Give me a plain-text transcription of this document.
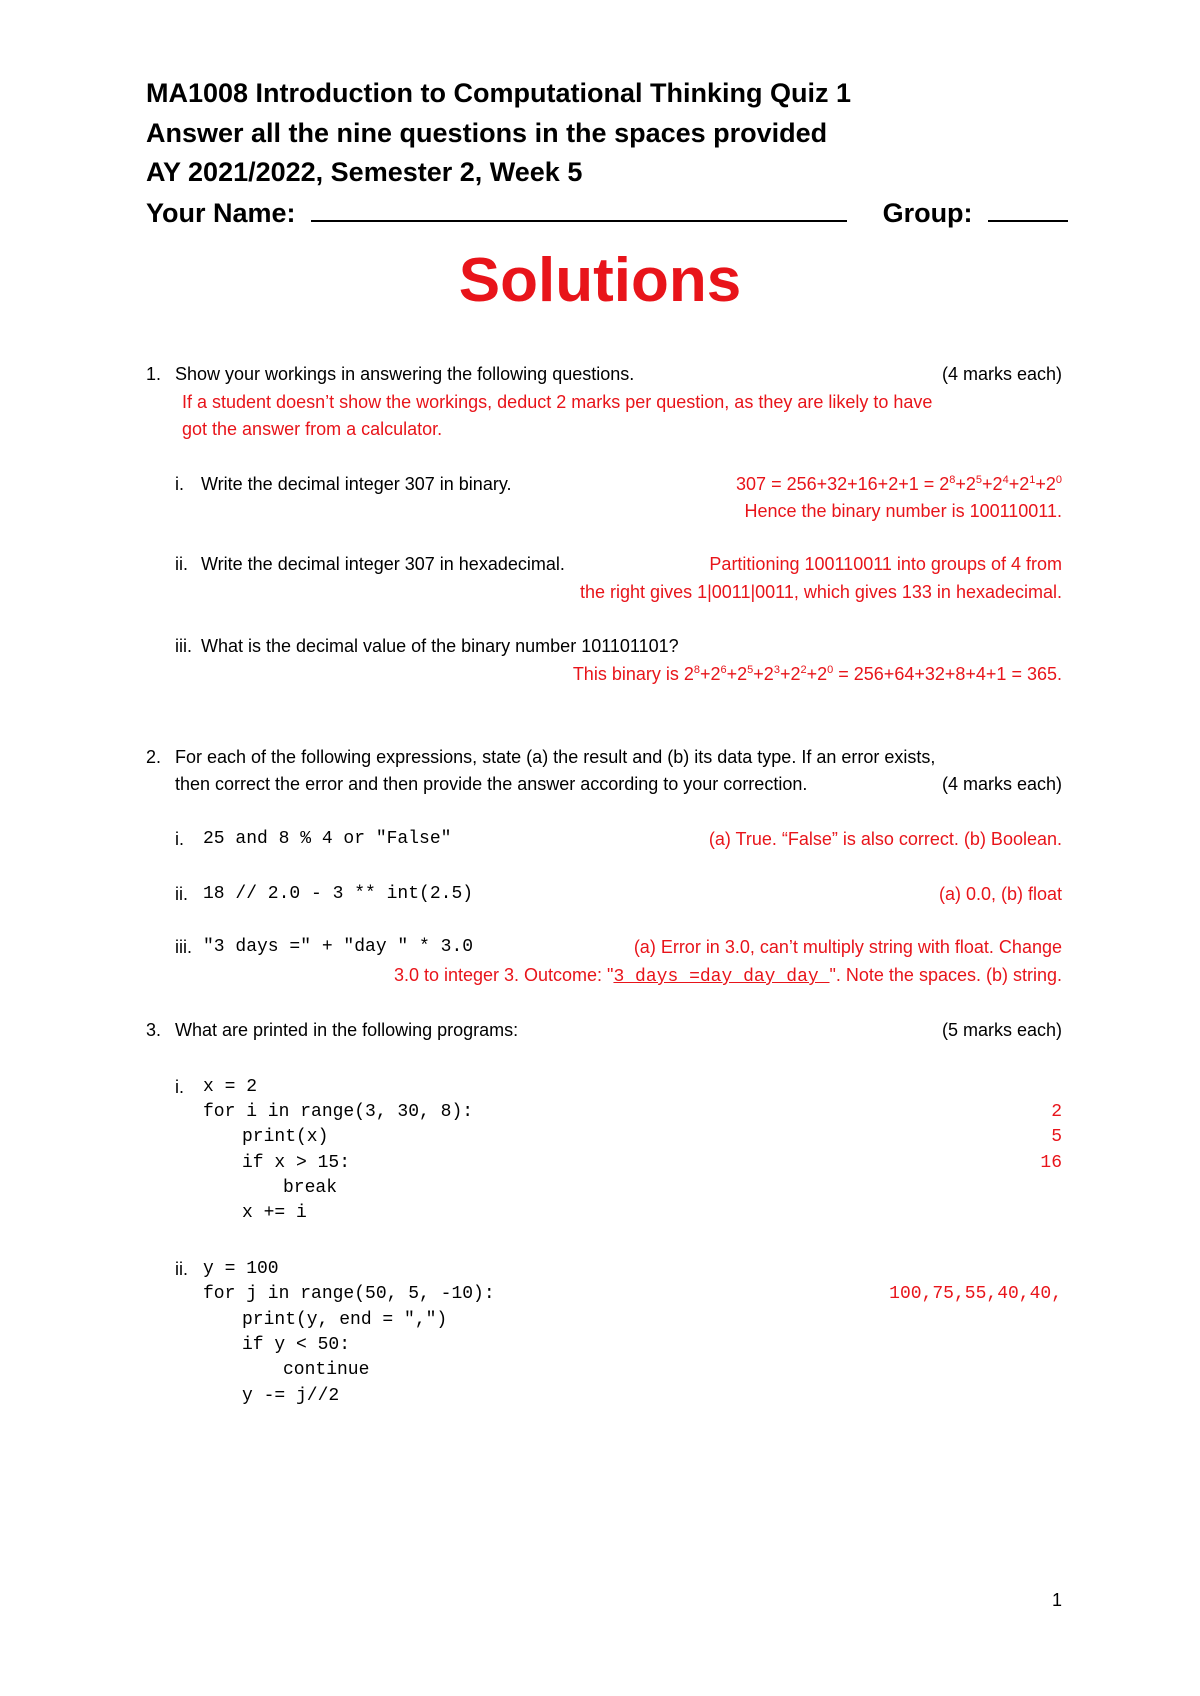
MA1008 Introduction to Computational Thinking Quiz 1
Answer all the nine questions in the spaces provided
AY 2021/2022, Semester 2, Week 5
Your Name:	Group:
Solutions
1. Show your workings in answering the following questions.	(4 marks each)
If a student doesn’t show the workings, deduct 2 marks per question, as they are likely to have
got the answer from a calculator.
i. Write the decimal integer 307 in binary.	$307 = 256+32+16+2+1 = 2^8+2^5+2^4+2^1+2^0$
Hence the binary number is 100110011.
ii. Write the decimal integer 307 in hexadecimal.	Partitioning 100110011 into groups of 4 from
the right gives 1|0011|0011, which gives 133 in hexadecimal.
iii. What is the decimal value of the binary number 101101101?
This binary is $2^8+2^6+2^5+2^3+2^2+2^0 = 256+64+32+8+4+1 = 365$.
2. For each of the following expressions, state (a) the result and (b) its data type. If an error exists,
then correct the error and then provide the answer according to your correction.	(4 marks each)
i. 25 and 8 % 4 or "False"	(a) True. “False” is also correct. (b) Boolean.
ii. 18 // 2.0 - 3 ** int(2.5)	(a) 0.0, (b) float
iii. "3 days =" + "day " * 3.0	(a) Error in 3.0, can’t multiply string with float. Change
3.0 to integer 3. Outcome: "3 days =day day day ". Note the spaces. (b) string.
3. What are printed in the following programs:	(5 marks each)
i. x = 2
for i in range(3, 30, 8):
print(x)
if x > 15:
break
x += i
2
5
16
ii. y = 100
for j in range(50, 5, -10):
print(y, end = ",")
if y < 50:
continue
y -= j//2
100,75,55,40,40,
1
